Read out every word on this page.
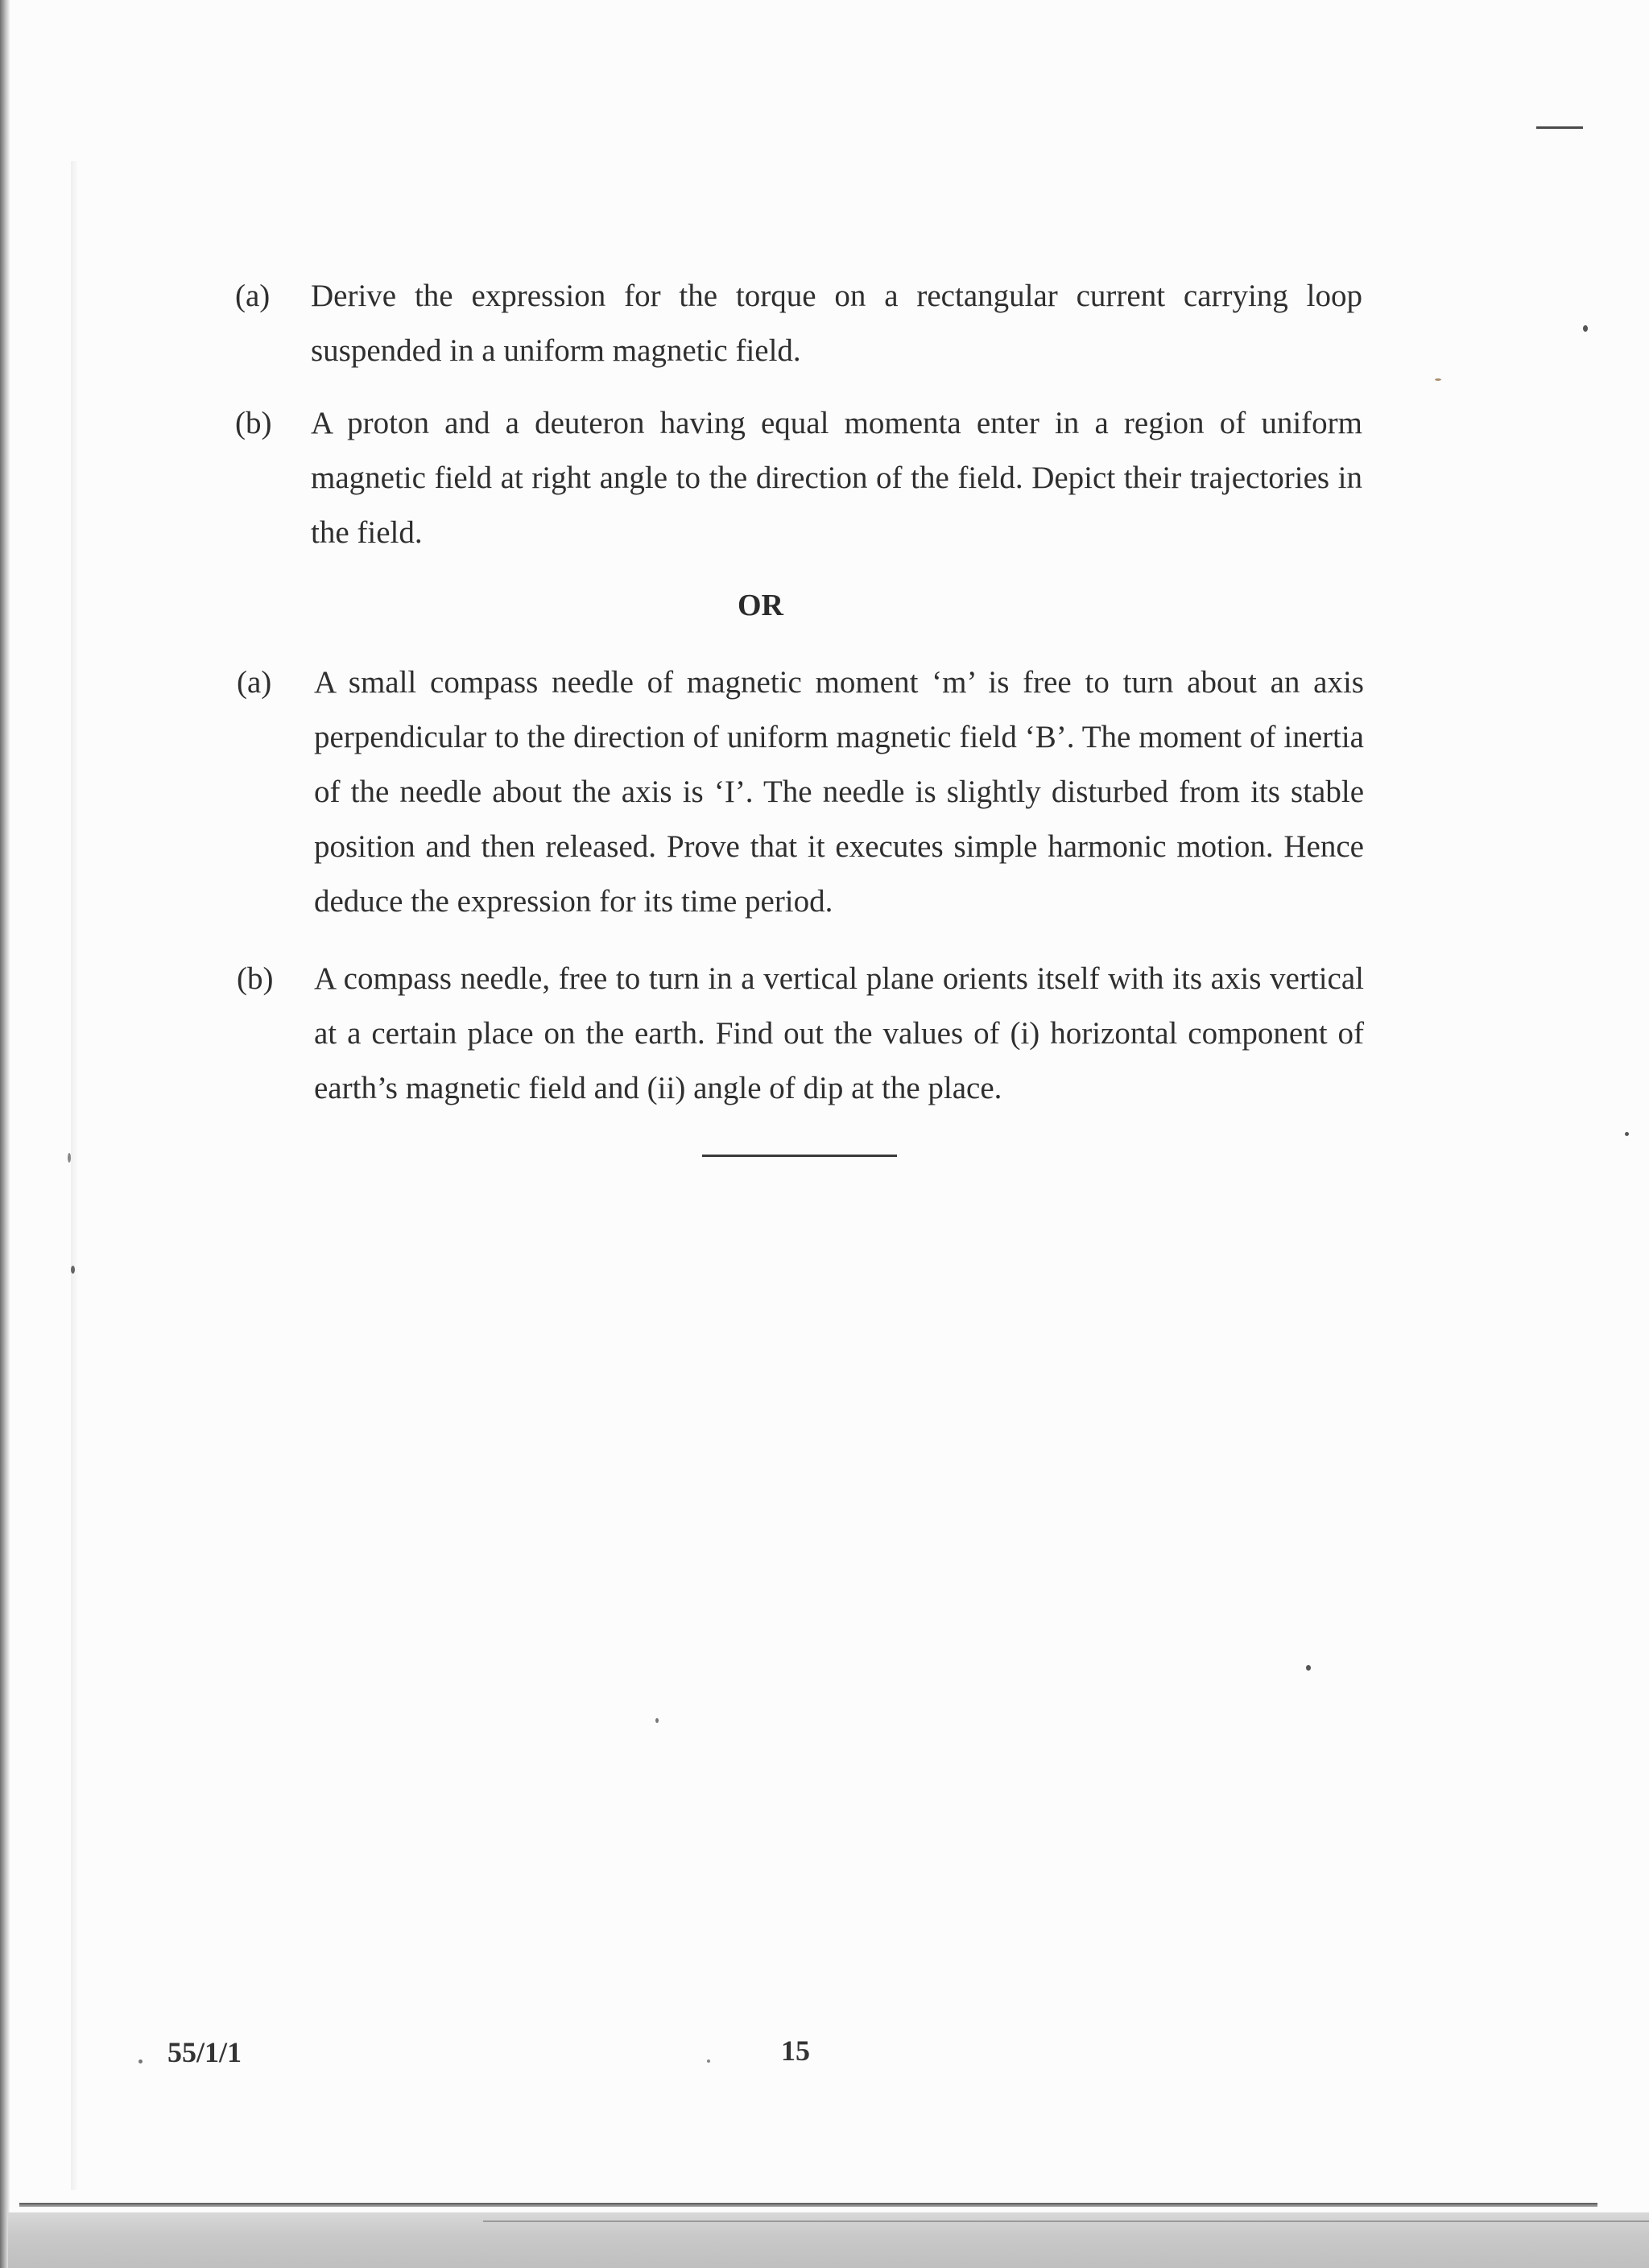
(a)	Derive the expression for the torque on a rectangular current carrying loop suspended in a uniform magnetic field.
(b)	A proton and a deuteron having equal momenta enter in a region of uniform magnetic field at right angle to the direction of the field. Depict their trajectories in the field.
OR
(a)	A small compass needle of magnetic moment ‘m’ is free to turn about an axis perpendicular to the direction of uniform magnetic field ‘B’. The moment of inertia of the needle about the axis is ‘I’. The needle is slightly disturbed from its stable position and then released. Prove that it executes simple harmonic motion. Hence deduce the expression for its time period.
(b)	A compass needle, free to turn in a vertical plane orients itself with its axis vertical at a certain place on the earth. Find out the values of (i) horizontal component of earth’s magnetic field and (ii) angle of dip at the place.
55/1/1	15
